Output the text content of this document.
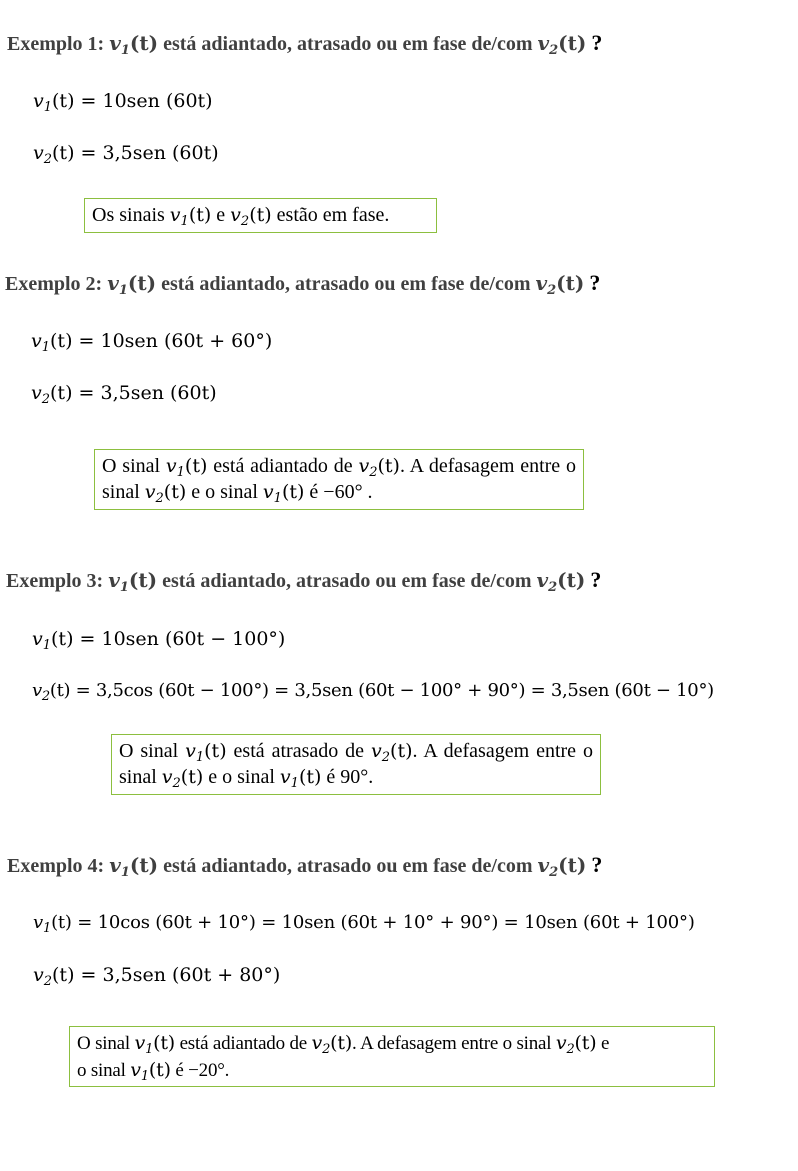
Exemplo 1: $v_1(t)$ está adiantado, atrasado ou em fase de/com $v_2(t)$ ?
$v_1(t) = 10sen$ (60t)
$v_2(t) = 3,5sen$ (60t)
Os sinais $v_1(t)$ e $v_2(t)$ estão em fase.
Exemplo 2: $v_1(t)$ está adiantado, atrasado ou em fase de/com $v_2(t)$ ?
$v_1(t) = 10sen$ (60t + 60°)
$v_2(t) = 3,5sen$ (60t)
O sinal $v_1(t)$ está adiantado de $v_2(t)$. A defasagem entre o sinal $v_2(t)$ e o sinal $v_1(t)$ é −60° .
Exemplo 3: $v_1(t)$ está adiantado, atrasado ou em fase de/com $v_2(t)$ ?
$v_1(t) = 10sen$ (60t − 100°)
$v_2(t) = 3,5\cos$ (60t − 100°) = 3,5sen (60t − 100° + 90°) = 3,5sen (60t − 10°)
O sinal $v_1(t)$ está atrasado de $v_2(t)$. A defasagem entre o sinal $v_2(t)$ e o sinal $v_1(t)$ é 90°.
Exemplo 4: $v_1(t)$ está adiantado, atrasado ou em fase de/com $v_2(t)$ ?
$v_1(t) = 10\cos$ (60t + 10°) = 10sen (60t + 10° + 90°) = 10sen (60t + 100°)
$v_2(t) = 3,5sen$ (60t + 80°)
O sinal $v_1(t)$ está adiantado de $v_2(t)$. A defasagem entre o sinal $v_2(t)$ e
o sinal $v_1(t)$ é −20°.
